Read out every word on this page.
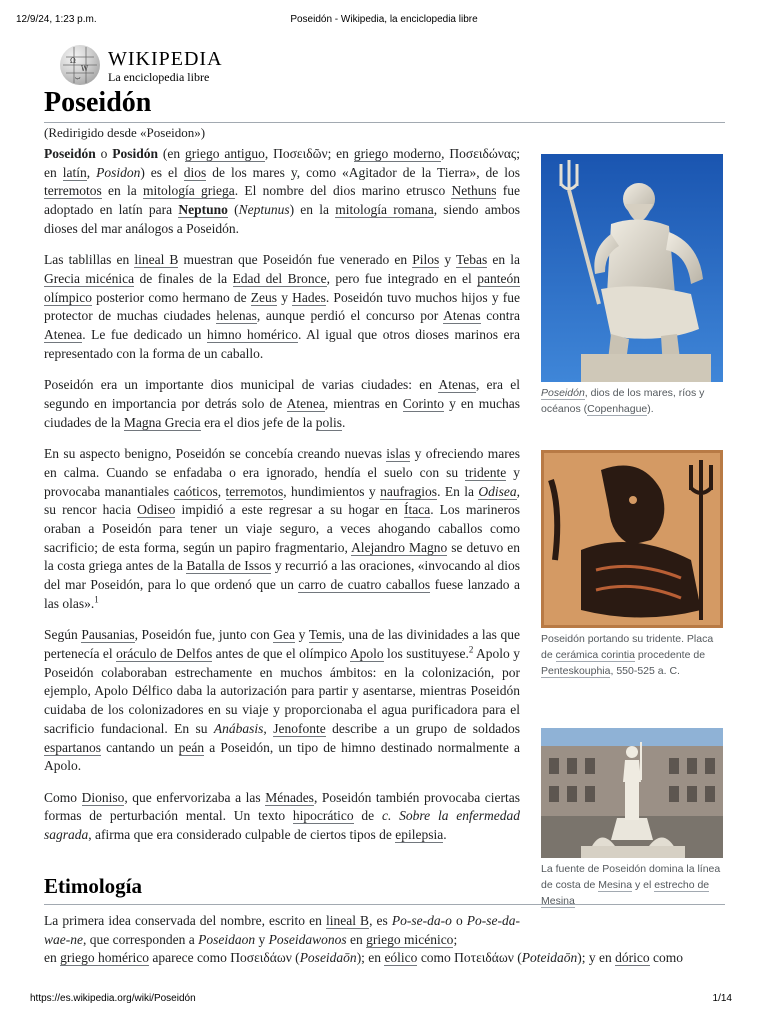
12/9/24, 1:23 p.m.	Poseidón - Wikipedia, la enciclopedia libre
Ω
W
ب
WIKIPEDIA
La enciclopedia libre
Poseidón
(Redirigido desde «Poseidon»)

Poseidón o Posidón (en griego antiguo, Ποσειδῶν; en griego moderno, Ποσειδώνας; en latín, Posidon) es el dios de los mares y, como «Agitador de la Tierra», de los terremotos en la mitología griega. El nombre del dios marino etrusco Nethuns fue adoptado en latín para Neptuno (Neptunus) en la mitología romana, siendo ambos dioses del mar análogos a Poseidón.

Las tablillas en lineal B muestran que Poseidón fue venerado en Pilos y Tebas en la Grecia micénica de finales de la Edad del Bronce, pero fue integrado en el panteón olímpico posterior como hermano de Zeus y Hades. Poseidón tuvo muchos hijos y fue protector de muchas ciudades helenas, aunque perdió el concurso por Atenas contra Atenea. Le fue dedicado un himno homérico. Al igual que otros dioses marinos era representado con la forma de un caballo.

Poseidón era un importante dios municipal de varias ciudades: en Atenas, era el segundo en importancia por detrás solo de Atenea, mientras en Corinto y en muchas ciudades de la Magna Grecia era el dios jefe de la polis.

En su aspecto benigno, Poseidón se concebía creando nuevas islas y ofreciendo mares en calma. Cuando se enfadaba o era ignorado, hendía el suelo con su tridente y provocaba manantiales caóticos, terremotos, hundimientos y naufragios. En la Odisea, su rencor hacia Odiseo impidió a este regresar a su hogar en Ítaca. Los marineros oraban a Poseidón para tener un viaje seguro, a veces ahogando caballos como sacrificio; de esta forma, según un papiro fragmentario, Alejandro Magno se detuvo en la costa griega antes de la Batalla de Issos y recurrió a las oraciones, «invocando al dios del mar Poseidón, para lo que ordenó que un carro de cuatro caballos fuese lanzado a las olas».$^1$

Según Pausanias, Poseidón fue, junto con Gea y Temis, una de las divinidades a las que pertenecía el oráculo de Delfos antes de que el olímpico Apolo los sustituyese.$^2$ Apolo y Poseidón colaboraban estrechamente en muchos ámbitos: en la colonización, por ejemplo, Apolo Délfico daba la autorización para partir y asentarse, mientras Poseidón cuidaba de los colonizadores en su viaje y proporcionaba el agua purificadora para el sacrificio fundacional. En su Anábasis, Jenofonte describe a un grupo de soldados espartanos cantando un peán a Poseidón, un tipo de himno destinado normalmente a Apolo.

Como Dioniso, que enfervorizaba a las Ménades, Poseidón también provocaba ciertas formas de perturbación mental. Un texto hipocrático de c. Sobre la enfermedad sagrada, afirma que era considerado culpable de ciertos tipos de epilepsia.

Etimología

La primera idea conservada del nombre, escrito en lineal B, es Po-se-da-o o Po-se-da-wae-ne, que corresponden a Poseidaon y Poseidawonos en griego micénico;

en griego homérico aparece como Ποσειδάων (Poseidaōn); en eólico como Ποτειδάων (Poteidaōn); y en dórico como
Poseidón, dios de los mares, ríos y océanos (Copenhague).
Poseidón portando su tridente. Placa de cerámica corintia procedente de Penteskouphia, 550-525 a. C.
La fuente de Poseidón domina la línea de costa de Mesina y el estrecho de Mesina
https://es.wikipedia.org/wiki/Poseidón	1/14
